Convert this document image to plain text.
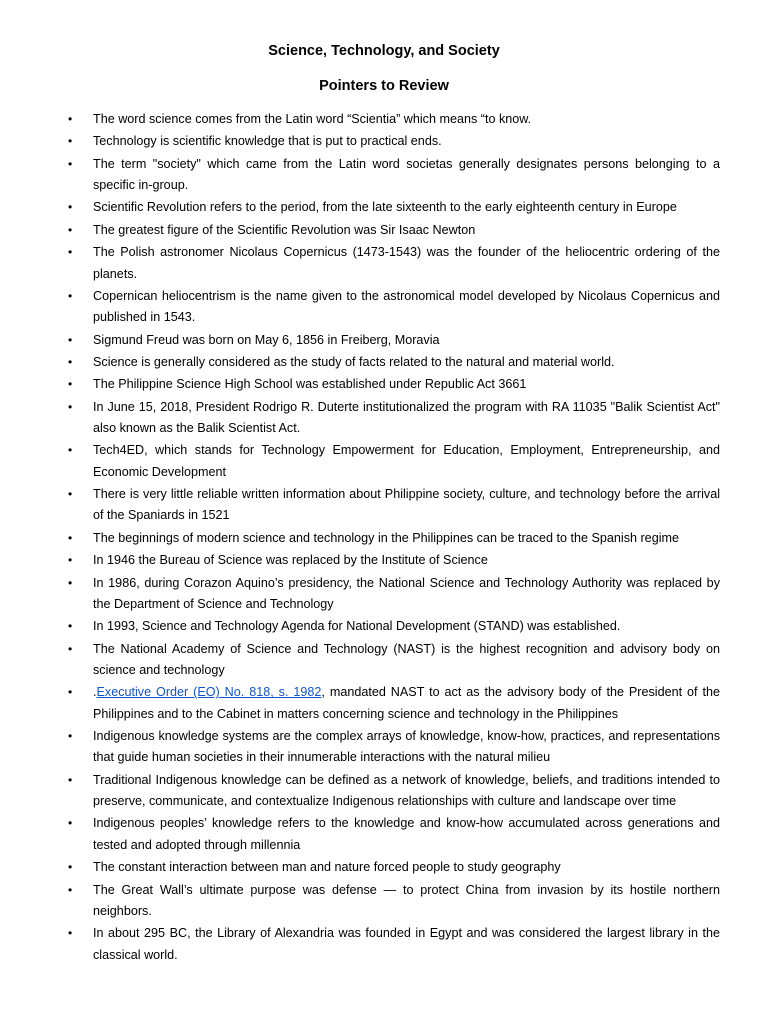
Science, Technology, and Society
Pointers to Review
• The word science comes from the Latin word “Scientia” which means “to know.
• Technology is scientific knowledge that is put to practical ends.
• The term "society" which came from the Latin word societas generally designates persons belonging to a specific in-group.
• Scientific Revolution refers to the period, from the late sixteenth to the early eighteenth century in Europe
• The greatest figure of the Scientific Revolution was Sir Isaac Newton
• The Polish astronomer Nicolaus Copernicus (1473-1543) was the founder of the heliocentric ordering of the planets.
• Copernican heliocentrism is the name given to the astronomical model developed by Nicolaus Copernicus and published in 1543.
• Sigmund Freud was born on May 6, 1856 in Freiberg, Moravia
• Science is generally considered as the study of facts related to the natural and material world.
• The Philippine Science High School was established under Republic Act 3661
• In June 15, 2018, President Rodrigo R. Duterte institutionalized the program with RA 11035 "Balik Scientist Act" also known as the Balik Scientist Act.
• Tech4ED, which stands for Technology Empowerment for Education, Employment, Entrepreneurship, and Economic Development
• There is very little reliable written information about Philippine society, culture, and technology before the arrival of the Spaniards in 1521
• The beginnings of modern science and technology in the Philippines can be traced to the Spanish regime
• In 1946 the Bureau of Science was replaced by the Institute of Science
• In 1986, during Corazon Aquino’s presidency, the National Science and Technology Authority was replaced by the Department of Science and Technology
• In 1993, Science and Technology Agenda for National Development (STAND) was established.
• The National Academy of Science and Technology (NAST) is the highest recognition and advisory body on science and technology
• .Executive Order (EO) No. 818, s. 1982, mandated NAST to act as the advisory body of the President of the Philippines and to the Cabinet in matters concerning science and technology in the Philippines
• Indigenous knowledge systems are the complex arrays of knowledge, know-how, practices, and representations that guide human societies in their innumerable interactions with the natural milieu
• Traditional Indigenous knowledge can be defined as a network of knowledge, beliefs, and traditions intended to preserve, communicate, and contextualize Indigenous relationships with culture and landscape over time
• Indigenous peoples’ knowledge refers to the knowledge and know-how accumulated across generations and tested and adopted through millennia
• The constant interaction between man and nature forced people to study geography
• The Great Wall’s ultimate purpose was defense — to protect China from invasion by its hostile northern neighbors.
• In about 295 BC, the Library of Alexandria was founded in Egypt and was considered the largest library in the classical world.
